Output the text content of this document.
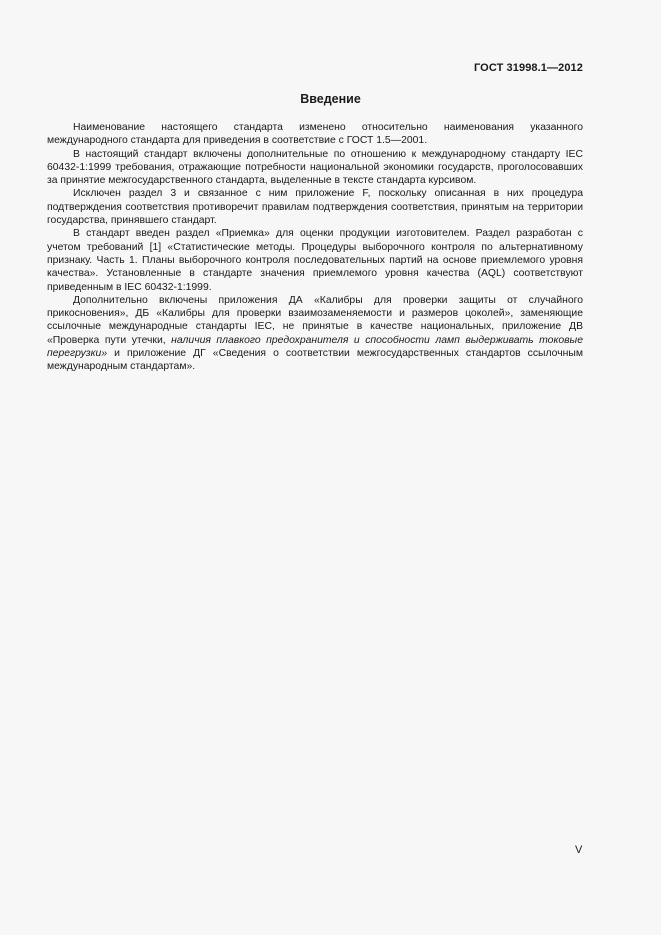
ГОСТ 31998.1—2012
Введение

Наименование настоящего стандарта изменено относительно наименования указанного международного стандарта для приведения в соответствие с ГОСТ 1.5—2001.

В настоящий стандарт включены дополнительные по отношению к международному стандарту IEC 60432-1:1999 требования, отражающие потребности национальной экономики государств, проголосовавших за принятие межгосударственного стандарта, выделенные в тексте стандарта курсивом.

Исключен раздел 3 и связанное с ним приложение F, поскольку описанная в них процедура подтверждения соответствия противоречит правилам подтверждения соответствия, принятым на территории государства, принявшего стандарт.

В стандарт введен раздел «Приемка» для оценки продукции изготовителем. Раздел разработан с учетом требований [1] «Статистические методы. Процедуры выборочного контроля по альтернативному признаку. Часть 1. Планы выборочного контроля последовательных партий на основе приемлемого уровня качества». Установленные в стандарте значения приемлемого уровня качества (AQL) соответствуют приведенным в IEC 60432-1:1999.

Дополнительно включены приложения ДА «Калибры для проверки защиты от случайного прикосновения», ДБ «Калибры для проверки взаимозаменяемости и размеров цоколей», заменяющие ссылочные международные стандарты IEC, не принятые в качестве национальных, приложение ДВ «Проверка пути утечки, наличия плавкого предохранителя и способности ламп выдерживать токовые перегрузки» и приложение ДГ «Сведения о соответствии межгосударственных стандартов ссылочным международным стандартам».

V
